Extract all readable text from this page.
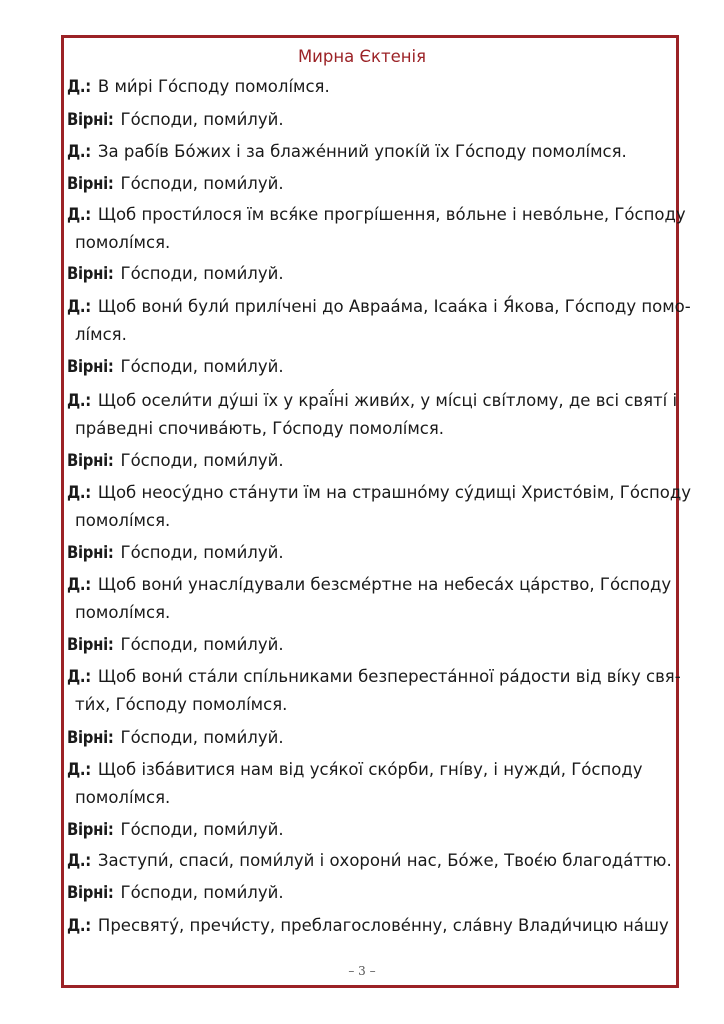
Мирна Єктенія
Д.: В ми́рі Го́споду помолі́мся.
Вірні: Го́споди, поми́луй.
Д.: За рабі́в Бо́жих і за блаже́нний упокі́й їх Го́споду помолі́мся.
Вірні: Го́споди, поми́луй.
Д.: Щоб прости́лося їм вся́ке прогрі́шення, во́льне і нево́льне, Го́споду
помолі́мся.
Вірні: Го́споди, поми́луй.
Д.: Щоб вони́ були́ прилі́чені до Авраа́ма, Ісаа́ка і Я́кова, Го́споду помо-
лі́мся.
Вірні: Го́споди, поми́луй.
Д.: Щоб осели́ти ду́ші їх у краї́ні живи́х, у мі́сці сві́тлому, де всі святі́ і
пра́ведні спочива́ють, Го́споду помолі́мся.
Вірні: Го́споди, поми́луй.
Д.: Щоб неосу́дно ста́нути їм на страшно́му су́дищі Христо́вім, Го́споду
помолі́мся.
Вірні: Го́споди, поми́луй.
Д.: Щоб вони́ унаслі́дували безсме́ртне на небеса́х ца́рство, Го́споду
помолі́мся.
Вірні: Го́споди, поми́луй.
Д.: Щоб вони́ ста́ли спі́льниками безпереста́нної ра́дости від ві́ку свя-
ти́х, Го́споду помолі́мся.
Вірні: Го́споди, поми́луй.
Д.: Щоб ізба́витися нам від уся́кої ско́рби, гні́ву, і нужди́, Го́споду
помолі́мся.
Вірні: Го́споди, поми́луй.
Д.: Заступи́, спаси́, поми́луй і охорони́ нас, Бо́же, Твоє́ю благода́ттю.
Вірні: Го́споди, поми́луй.
Д.: Пресвяту́, пречи́сту, преблагослове́нну, сла́вну Влади́чицю на́шу
– 3 –
